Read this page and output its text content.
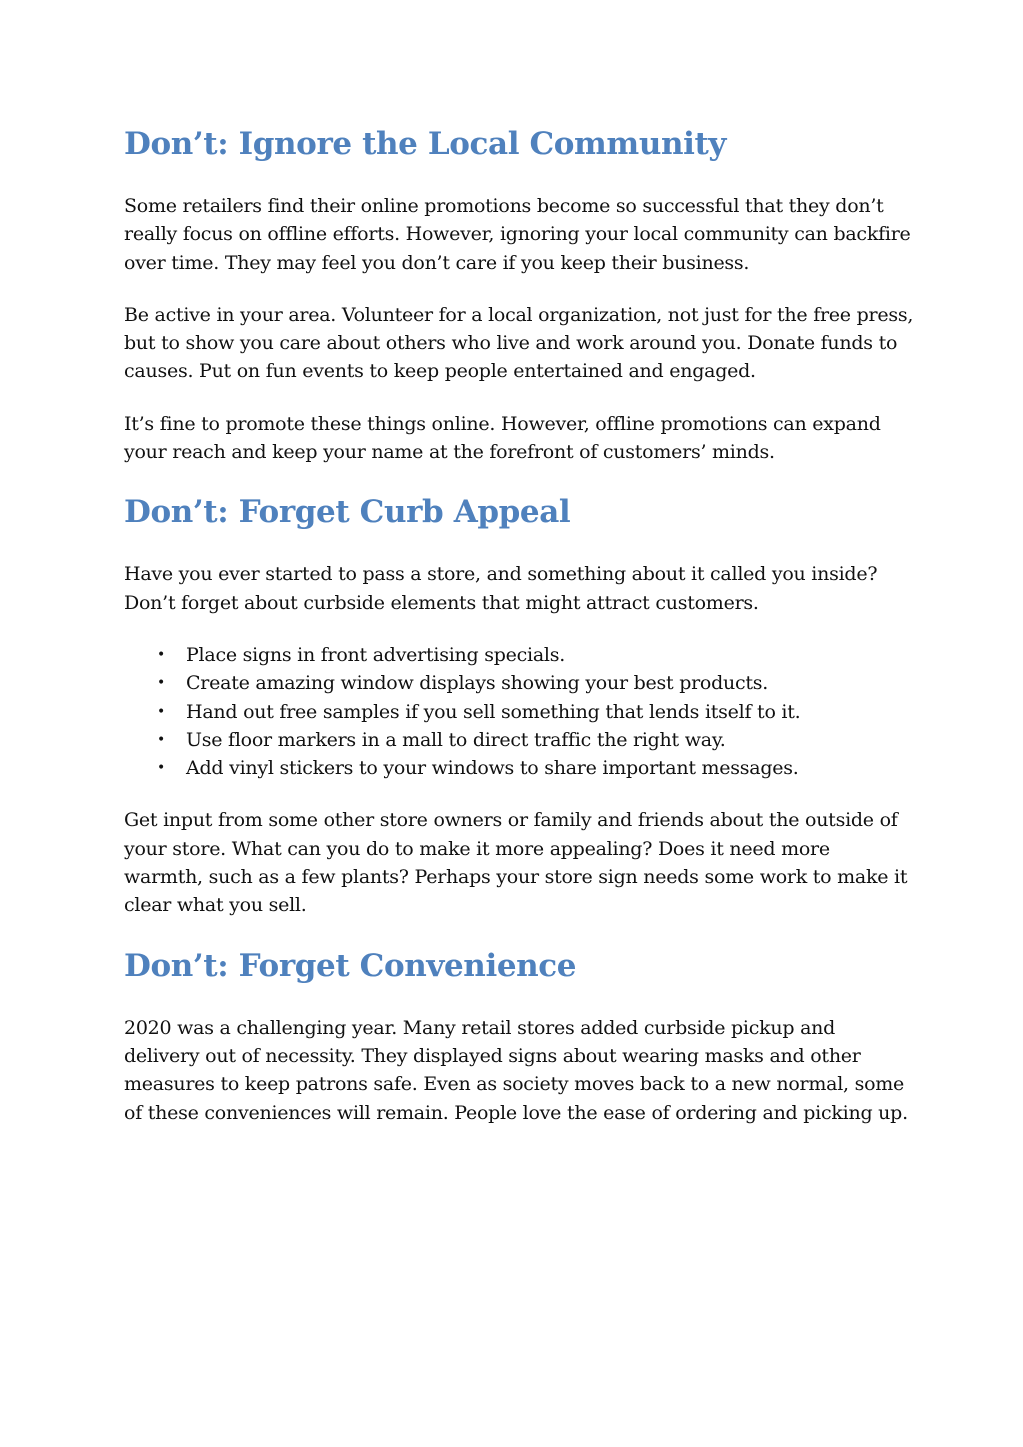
Don’t: Ignore the Local Community

Some retailers find their online promotions become so successful that they don’t really focus on offline efforts. However, ignoring your local community can backfire over time. They may feel you don’t care if you keep their business.

Be active in your area. Volunteer for a local organization, not just for the free press, but to show you care about others who live and work around you. Donate funds to causes. Put on fun events to keep people entertained and engaged.

It’s fine to promote these things online. However, offline promotions can expand your reach and keep your name at the forefront of customers’ minds.

Don’t: Forget Curb Appeal

Have you ever started to pass a store, and something about it called you inside? Don’t forget about curbside elements that might attract customers.

• Place signs in front advertising specials.
• Create amazing window displays showing your best products.
• Hand out free samples if you sell something that lends itself to it.
• Use floor markers in a mall to direct traffic the right way.
• Add vinyl stickers to your windows to share important messages.

Get input from some other store owners or family and friends about the outside of your store. What can you do to make it more appealing? Does it need more warmth, such as a few plants? Perhaps your store sign needs some work to make it clear what you sell.

Don’t: Forget Convenience

2020 was a challenging year. Many retail stores added curbside pickup and delivery out of necessity. They displayed signs about wearing masks and other measures to keep patrons safe. Even as society moves back to a new normal, some of these conveniences will remain. People love the ease of ordering and picking up.
